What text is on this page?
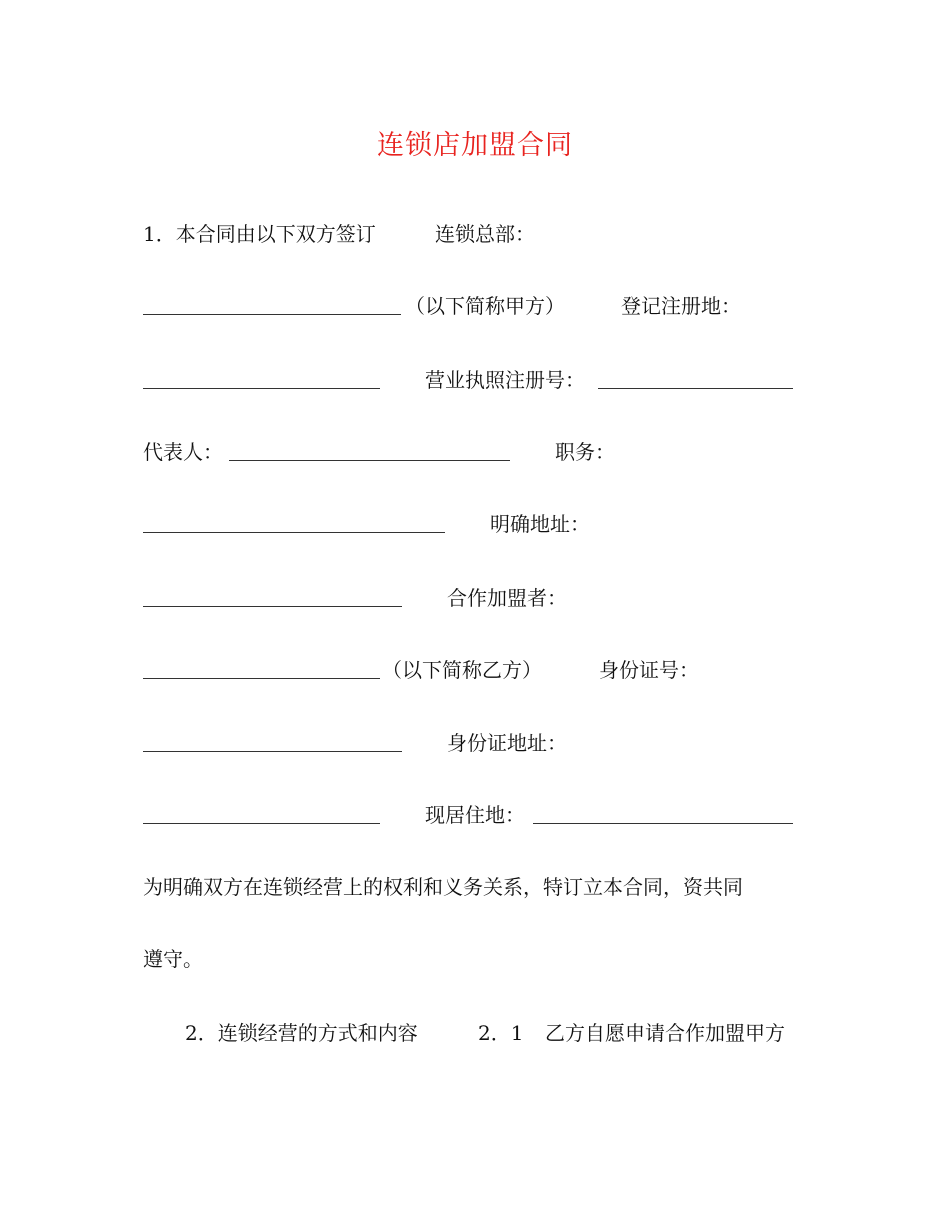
连锁店加盟合同
1．本合同由以下双方签订	连锁总部：
（以下简称甲方）	登记注册地：
营业执照注册号：
代表人：	职务：
明确地址：
合作加盟者：
（以下简称乙方）	身份证号：
身份证地址：
现居住地：
为明确双方在连锁经营上的权利和义务关系，特订立本合同，资共同
遵守。
2．连锁经营的方式和内容	2．1 乙方自愿申请合作加盟甲方
